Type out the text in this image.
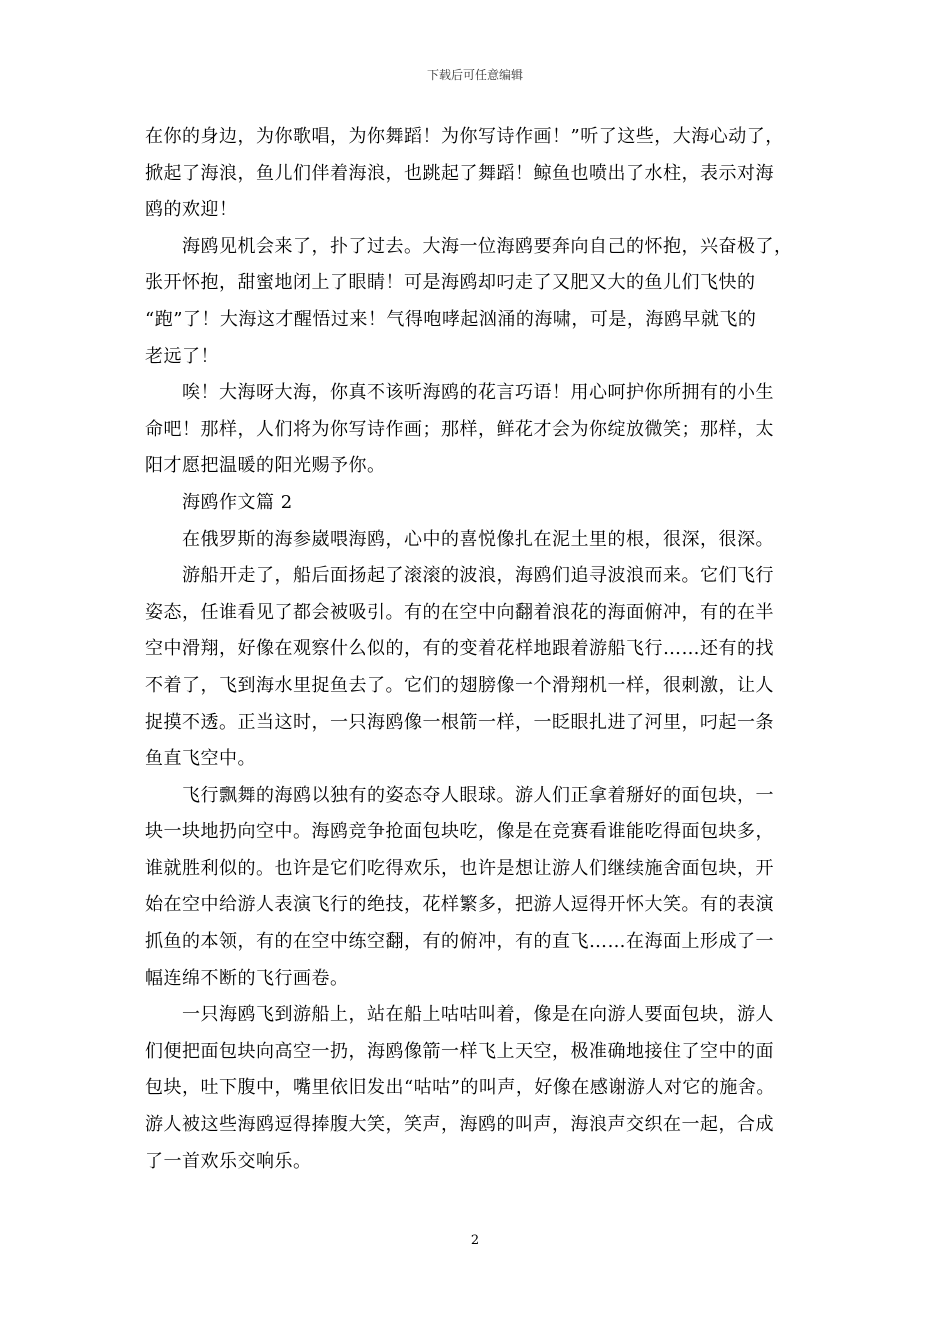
下载后可任意编辑

在你的身边，为你歌唱，为你舞蹈！为你写诗作画！”听了这些，大海心动了，

掀起了海浪，鱼儿们伴着海浪，也跳起了舞蹈！鲸鱼也喷出了水柱，表示对海

鸥的欢迎！

海鸥见机会来了，扑了过去。大海一位海鸥要奔向自己的怀抱，兴奋极了，

张开怀抱，甜蜜地闭上了眼睛！可是海鸥却叼走了又肥又大的鱼儿们飞快的

“跑”了！大海这才醒悟过来！气得咆哮起汹涌的海啸，可是，海鸥早就飞的

老远了！

唉！大海呀大海，你真不该听海鸥的花言巧语！用心呵护你所拥有的小生

命吧！那样，人们将为你写诗作画；那样，鲜花才会为你绽放微笑；那样，太

阳才愿把温暖的阳光赐予你。

海鸥作文篇 2

在俄罗斯的海参崴喂海鸥，心中的喜悦像扎在泥土里的根，很深，很深。

游船开走了，船后面扬起了滚滚的波浪，海鸥们追寻波浪而来。它们飞行

姿态，任谁看见了都会被吸引。有的在空中向翻着浪花的海面俯冲，有的在半

空中滑翔，好像在观察什么似的，有的变着花样地跟着游船飞行……还有的找

不着了，飞到海水里捉鱼去了。它们的翅膀像一个滑翔机一样，很刺激，让人

捉摸不透。正当这时，一只海鸥像一根箭一样，一眨眼扎进了河里，叼起一条

鱼直飞空中。

飞行飘舞的海鸥以独有的姿态夺人眼球。游人们正拿着掰好的面包块，一

块一块地扔向空中。海鸥竞争抢面包块吃，像是在竞赛看谁能吃得面包块多，

谁就胜利似的。也许是它们吃得欢乐，也许是想让游人们继续施舍面包块，开

始在空中给游人表演飞行的绝技，花样繁多，把游人逗得开怀大笑。有的表演

抓鱼的本领，有的在空中练空翻，有的俯冲，有的直飞……在海面上形成了一

幅连绵不断的飞行画卷。

一只海鸥飞到游船上，站在船上咕咕叫着，像是在向游人要面包块，游人

们便把面包块向高空一扔，海鸥像箭一样飞上天空，极准确地接住了空中的面

包块，吐下腹中，嘴里依旧发出“咕咕”的叫声，好像在感谢游人对它的施舍。

游人被这些海鸥逗得捧腹大笑，笑声，海鸥的叫声，海浪声交织在一起，合成

了一首欢乐交响乐。

2
